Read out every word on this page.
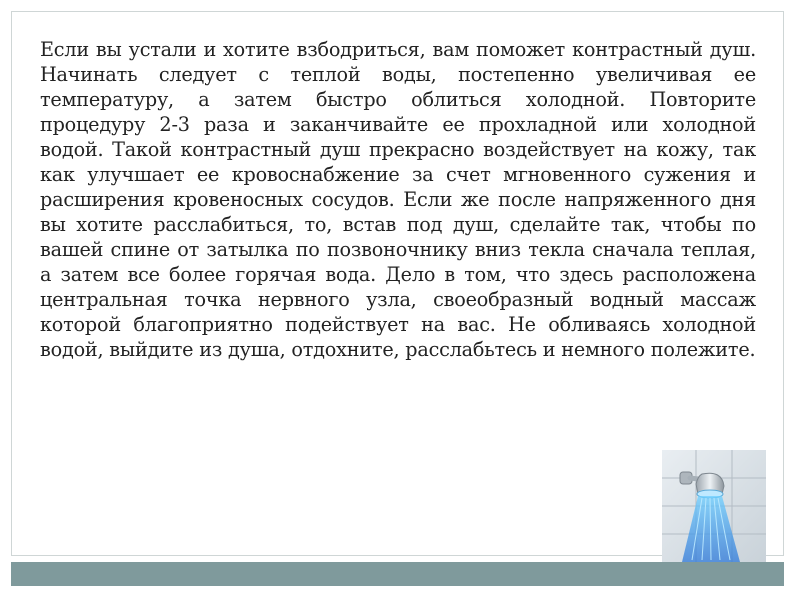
Если вы устали и хотите взбодриться, вам поможет контрастный душ. Начинать следует с теплой воды, постепенно увеличивая ее температуру, а затем быстро облиться холодной. Повторите процедуру 2-3 раза и заканчивайте ее прохладной или холодной водой. Такой контрастный душ прекрасно воздействует на кожу, так как улучшает ее кровоснабжение за счет мгновенного сужения и расширения кровеносных сосудов. Если же после напряженного дня вы хотите расслабиться, то, встав под душ, сделайте так, чтобы по вашей спине от затылка по позвоночнику вниз текла сначала теплая, а затем все более горячая вода. Дело в том, что здесь расположена центральная точка нервного узла, своеобразный водный массаж которой благоприятно подействует на вас. Не обливаясь холодной водой, выйдите из душа, отдохните, расслабьтесь и немного полежите.
